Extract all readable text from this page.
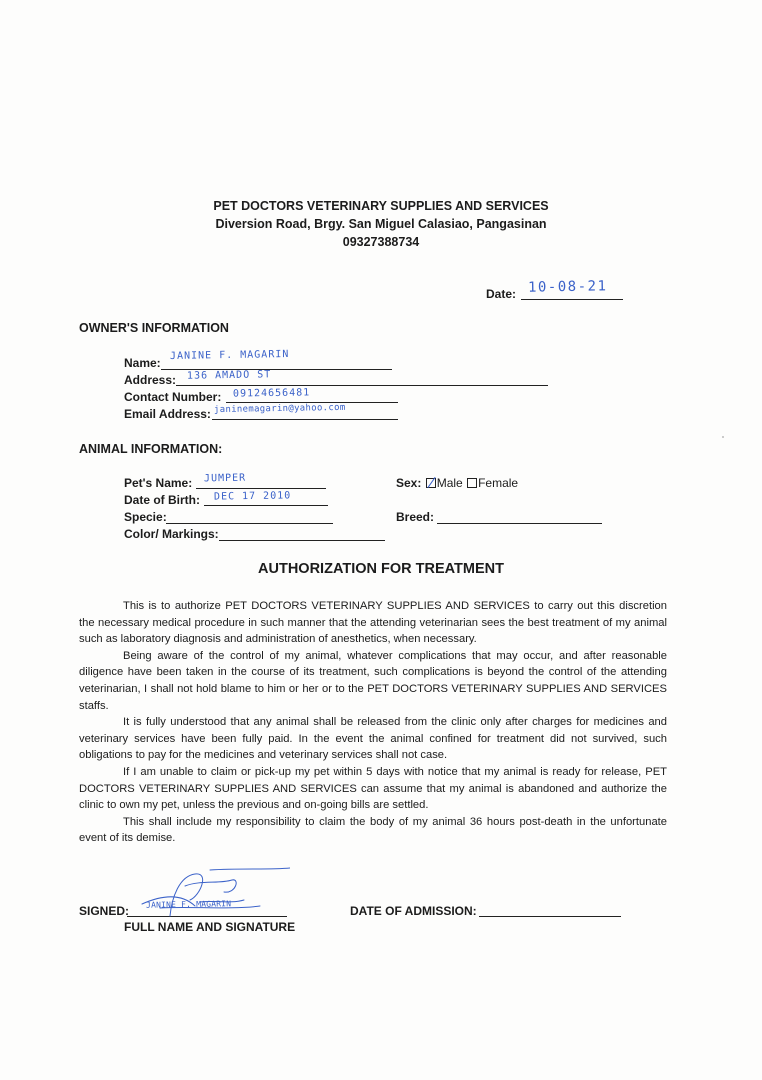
PET DOCTORS VETERINARY SUPPLIES AND SERVICES
Diversion Road, Brgy. San Miguel Calasiao, Pangasinan
09327388734
Date: 10-08-21
OWNER'S INFORMATION
Name:
JANINE F. MAGARIN
Address: 136 AMADO ST
Contact Number: 09124656481
Email Address: janinemagarin@yahoo.com
ANIMAL INFORMATION:
Pet's Name: JUMPER
Date of Birth: DEC 17 2010
Specie:
Color/ Markings:
Sex: Male Female
Breed:
AUTHORIZATION FOR TREATMENT

This is to authorize PET DOCTORS VETERINARY SUPPLIES AND SERVICES to carry out this discretion the necessary medical procedure in such manner that the attending veterinarian sees the best treatment of my animal such as laboratory diagnosis and administration of anesthetics, when necessary.

Being aware of the control of my animal, whatever complications that may occur, and after reasonable diligence have been taken in the course of its treatment, such complications is beyond the control of the attending veterinarian, I shall not hold blame to him or her or to the PET DOCTORS VETERINARY SUPPLIES AND SERVICES staffs.

It is fully understood that any animal shall be released from the clinic only after charges for medicines and veterinary services have been fully paid. In the event the animal confined for treatment did not survived, such obligations to pay for the medicines and veterinary services shall not case.

If I am unable to claim or pick-up my pet within 5 days with notice that my animal is ready for release, PET DOCTORS VETERINARY SUPPLIES AND SERVICES can assume that my animal is abandoned and authorize the clinic to own my pet, unless the previous and on-going bills are settled.

This shall include my responsibility to claim the body of my animal 36 hours post-death in the unfortunate event of its demise.

SIGNED: JANINE F. MAGARIN
FULL NAME AND SIGNATURE
DATE OF ADMISSION:
